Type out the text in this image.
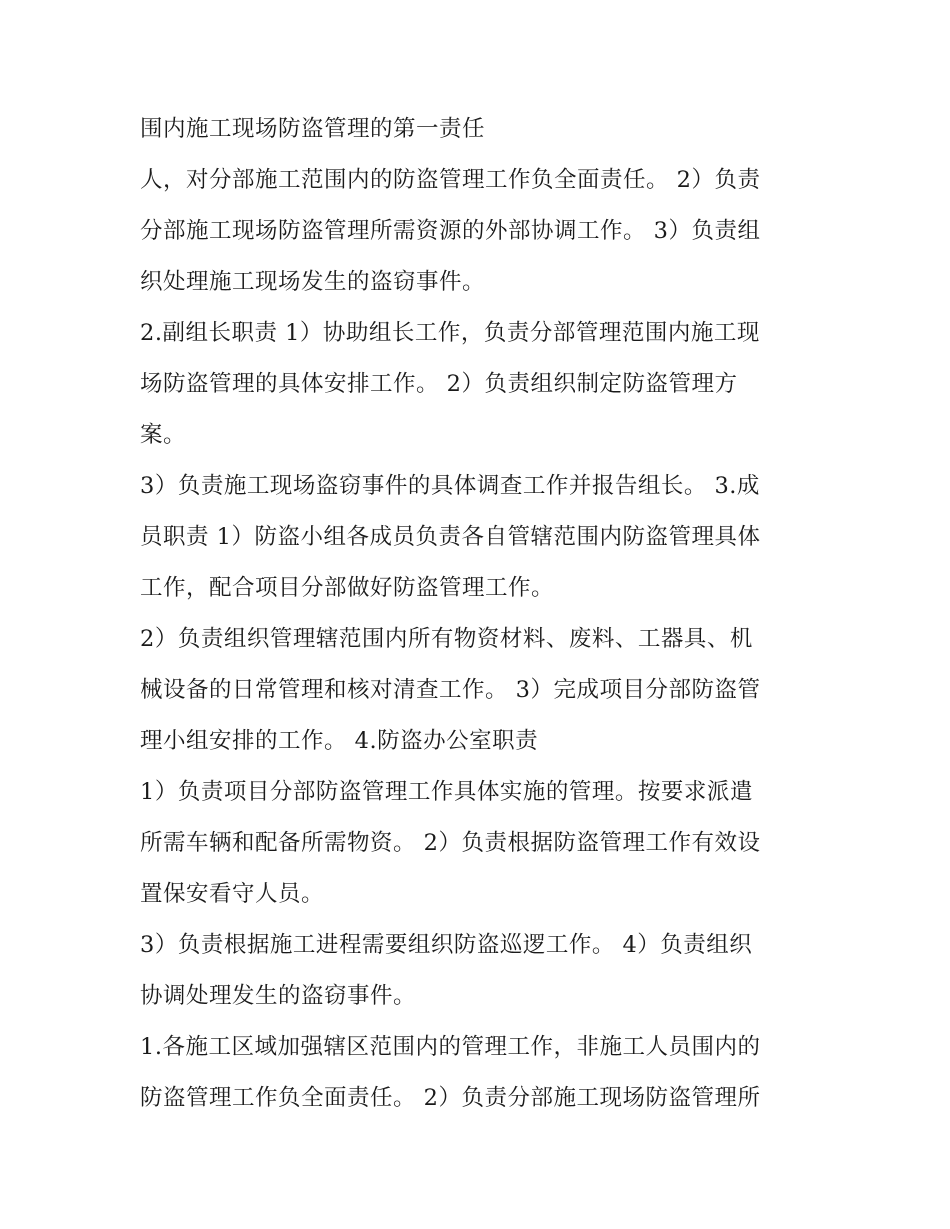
围内施工现场防盗管理的第一责任
人，对分部施工范围内的防盗管理工作负全面责任。 2）负责
分部施工现场防盗管理所需资源的外部协调工作。 3）负责组
织处理施工现场发生的盗窃事件。
2.副组长职责 1）协助组长工作，负责分部管理范围内施工现
场防盗管理的具体安排工作。 2）负责组织制定防盗管理方
案。
3）负责施工现场盗窃事件的具体调查工作并报告组长。 3.成
员职责 1）防盗小组各成员负责各自管辖范围内防盗管理具体
工作，配合项目分部做好防盗管理工作。
2）负责组织管理辖范围内所有物资材料、废料、工器具、机
械设备的日常管理和核对清查工作。 3）完成项目分部防盗管
理小组安排的工作。 4.防盗办公室职责
1）负责项目分部防盗管理工作具体实施的管理。按要求派遣
所需车辆和配备所需物资。 2）负责根据防盗管理工作有效设
置保安看守人员。
3）负责根据施工进程需要组织防盗巡逻工作。 4）负责组织
协调处理发生的盗窃事件。
1.各施工区域加强辖区范围内的管理工作，非施工人员围内的
防盗管理工作负全面责任。 2）负责分部施工现场防盗管理所
